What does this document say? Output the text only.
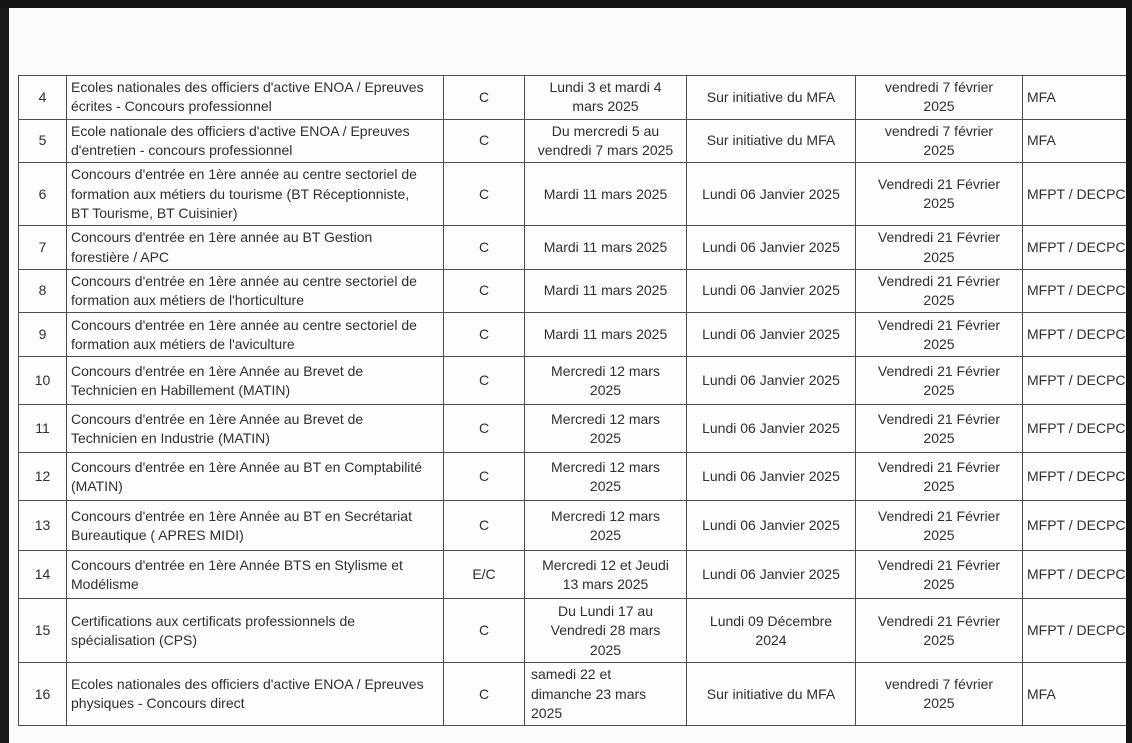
4	Ecoles nationales des officiers d'active ENOA / Epreuves
écrites - Concours professionnel	C	Lundi 3 et mardi 4
mars 2025	Sur initiative du MFA	vendredi 7 février
2025	MFA
5	Ecole nationale des officiers d'active ENOA / Epreuves
d'entretien - concours professionnel	C	Du mercredi 5 au
vendredi 7 mars 2025	Sur initiative du MFA	vendredi 7 février
2025	MFA
6	Concours d'entrée en 1ère année au centre sectoriel de
formation aux métiers du tourisme (BT Réceptionniste,
BT Tourisme, BT Cuisinier)	C	Mardi 11 mars 2025	Lundi 06 Janvier 2025	Vendredi 21 Février
2025	MFPT / DECPC
7	Concours d'entrée en 1ère année au BT Gestion
forestière / APC	C	Mardi 11 mars 2025	Lundi 06 Janvier 2025	Vendredi 21 Février
2025	MFPT / DECPC
8	Concours d'entrée en 1ère année au centre sectoriel de
formation aux métiers de l'horticulture	C	Mardi 11 mars 2025	Lundi 06 Janvier 2025	Vendredi 21 Février
2025	MFPT / DECPC
9	Concours d'entrée en 1ère année au centre sectoriel de
formation aux métiers de l'aviculture	C	Mardi 11 mars 2025	Lundi 06 Janvier 2025	Vendredi 21 Février
2025	MFPT / DECPC
10	Concours d'entrée en 1ère Année au Brevet de
Technicien en Habillement (MATIN)	C	Mercredi 12 mars
2025	Lundi 06 Janvier 2025	Vendredi 21 Février
2025	MFPT / DECPC
11	Concours d'entrée en 1ère Année au Brevet de
Technicien en Industrie (MATIN)	C	Mercredi 12 mars
2025	Lundi 06 Janvier 2025	Vendredi 21 Février
2025	MFPT / DECPC
12	Concours d'entrée en 1ère Année au BT en Comptabilité
(MATIN)	C	Mercredi 12 mars
2025	Lundi 06 Janvier 2025	Vendredi 21 Février
2025	MFPT / DECPC
13	Concours d'entrée en 1ère Année au BT en Secrétariat
Bureautique ( APRES MIDI)	C	Mercredi 12 mars
2025	Lundi 06 Janvier 2025	Vendredi 21 Février
2025	MFPT / DECPC
14	Concours d'entrée en 1ère Année BTS en Stylisme et
Modélisme	E/C	Mercredi 12 et Jeudi
13 mars 2025	Lundi 06 Janvier 2025	Vendredi 21 Février
2025	MFPT / DECPC
15	Certifications aux certificats professionnels de
spécialisation (CPS)	C	Du Lundi 17 au
Vendredi 28 mars
2025	Lundi 09 Décembre
2024	Vendredi 21 Février
2025	MFPT / DECPC
16	Ecoles nationales des officiers d'active ENOA / Epreuves
physiques - Concours direct	C	samedi 22 et
dimanche 23 mars
2025	Sur initiative du MFA	vendredi 7 février
2025	MFA
